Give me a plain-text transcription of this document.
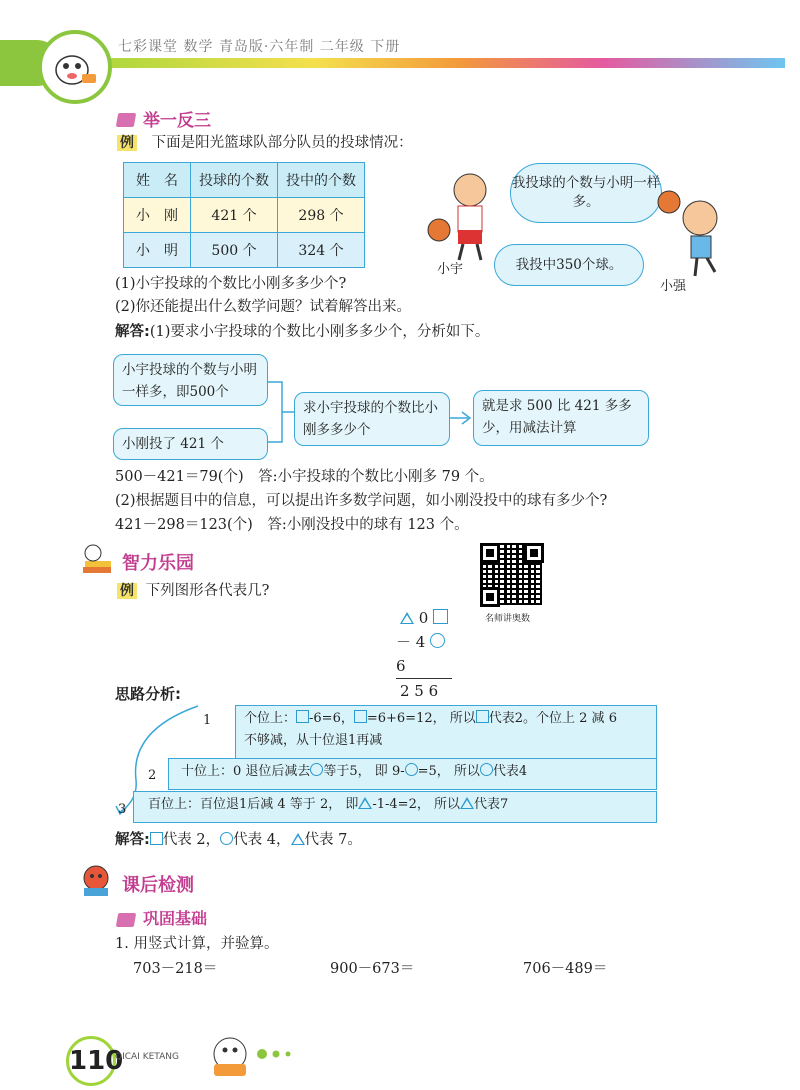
七彩课堂 数学 青岛版·六年制 二年级 下册
举一反三
例 下面是阳光篮球队部分队员的投球情况：
姓　名	投球的个数	投中的个数
小　刚	421 个	298 个
小　明	500 个	324 个
小宇
我投球的个数与小明一样多。
我投中350个球。
小强
(1)小宇投球的个数比小刚多多少个?
(2)你还能提出什么数学问题？试着解答出来。
解答:(1)要求小宇投球的个数比小刚多多少个，分析如下。
小宇投球的个数与小明一样多，即500个
小刚投了 421 个
求小宇投球的个数比小刚多多少个
就是求 500 比 421 多多少，用减法计算
500－421＝79(个)　答:小宇投球的个数比小刚多 79 个。
(2)根据题目中的信息，可以提出许多数学问题，如小刚没投中的球有多少个?
421－298＝123(个)　答:小刚没投中的球有 123 个。
智力乐园
名师讲奥数
例 下列图形各代表几?
0
－ 4  6
2 5 6
思路分析:
1
2
3
个位上： -6=6， =6+6=12， 所以 代表2。个位上 2 减 6
不够减，从十位退1再减
十位上：0 退位后减去 等于5， 即 9- =5， 所以 代表4
百位上：百位退1后减 4 等于 2， 即 -1-4=2， 所以 代表7
解答: 代表 2， 代表 4， 代表 7。
课后检测
巩固基础
1. 用竖式计算，并验算。
703－218＝	900－673＝	706－489＝
110
QICAI KETANG
